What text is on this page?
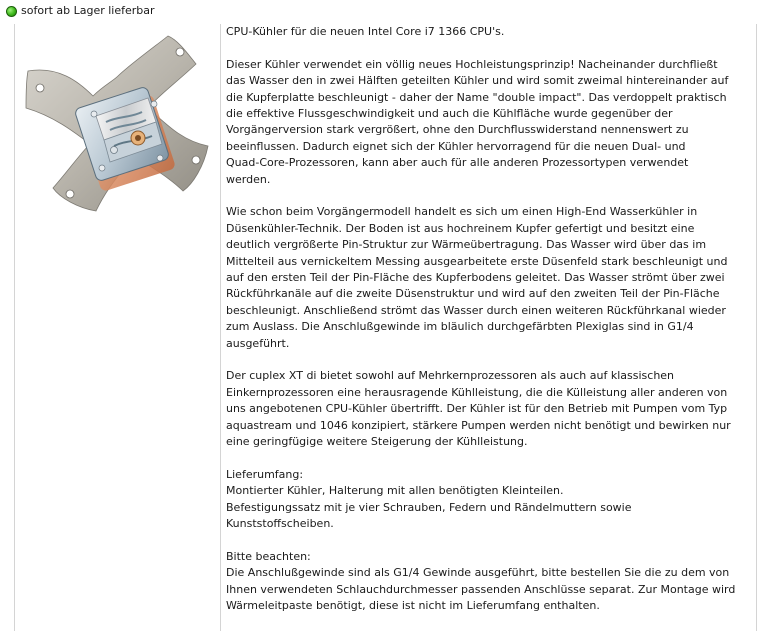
sofort ab Lager lieferbar

CPU-Kühler für die neuen Intel Core i7 1366 CPU's.

Dieser Kühler verwendet ein völlig neues Hochleistungsprinzip! Nacheinander durchfließt
das Wasser den in zwei Hälften geteilten Kühler und wird somit zweimal hintereinander auf
die Kupferplatte beschleunigt - daher der Name "double impact". Das verdoppelt praktisch
die effektive Flussgeschwindigkeit und auch die Kühlfläche wurde gegenüber der
Vorgängerversion stark vergrößert, ohne den Durchflusswiderstand nennenswert zu
beeinflussen. Dadurch eignet sich der Kühler hervorragend für die neuen Dual- und
Quad-Core-Prozessoren, kann aber auch für alle anderen Prozessortypen verwendet
werden.

Wie schon beim Vorgängermodell handelt es sich um einen High-End Wasserkühler in
Düsenkühler-Technik. Der Boden ist aus hochreinem Kupfer gefertigt und besitzt eine
deutlich vergrößerte Pin-Struktur zur Wärmeübertragung. Das Wasser wird über das im
Mittelteil aus vernickeltem Messing ausgearbeitete erste Düsenfeld stark beschleunigt und
auf den ersten Teil der Pin-Fläche des Kupferbodens geleitet. Das Wasser strömt über zwei
Rückführkanäle auf die zweite Düsenstruktur und wird auf den zweiten Teil der Pin-Fläche
beschleunigt. Anschließend strömt das Wasser durch einen weiteren Rückführkanal wieder
zum Auslass. Die Anschlußgewinde im bläulich durchgefärbten Plexiglas sind in G1/4
ausgeführt.

Der cuplex XT di bietet sowohl auf Mehrkernprozessoren als auch auf klassischen
Einkernprozessoren eine herausragende Kühlleistung, die die Külleistung aller anderen von
uns angebotenen CPU-Kühler übertrifft. Der Kühler ist für den Betrieb mit Pumpen vom Typ
aquastream und 1046 konzipiert, stärkere Pumpen werden nicht benötigt und bewirken nur
eine geringfügige weitere Steigerung der Kühlleistung.

Lieferumfang:
Montierter Kühler, Halterung mit allen benötigten Kleinteilen.
Befestigungssatz mit je vier Schrauben, Federn und Rändelmuttern sowie
Kunststoffscheiben.

Bitte beachten:
Die Anschlußgewinde sind als G1/4 Gewinde ausgeführt, bitte bestellen Sie die zu dem von
Ihnen verwendeten Schlauchdurchmesser passenden Anschlüsse separat. Zur Montage wird
Wärmeleitpaste benötigt, diese ist nicht im Lieferumfang enthalten.
